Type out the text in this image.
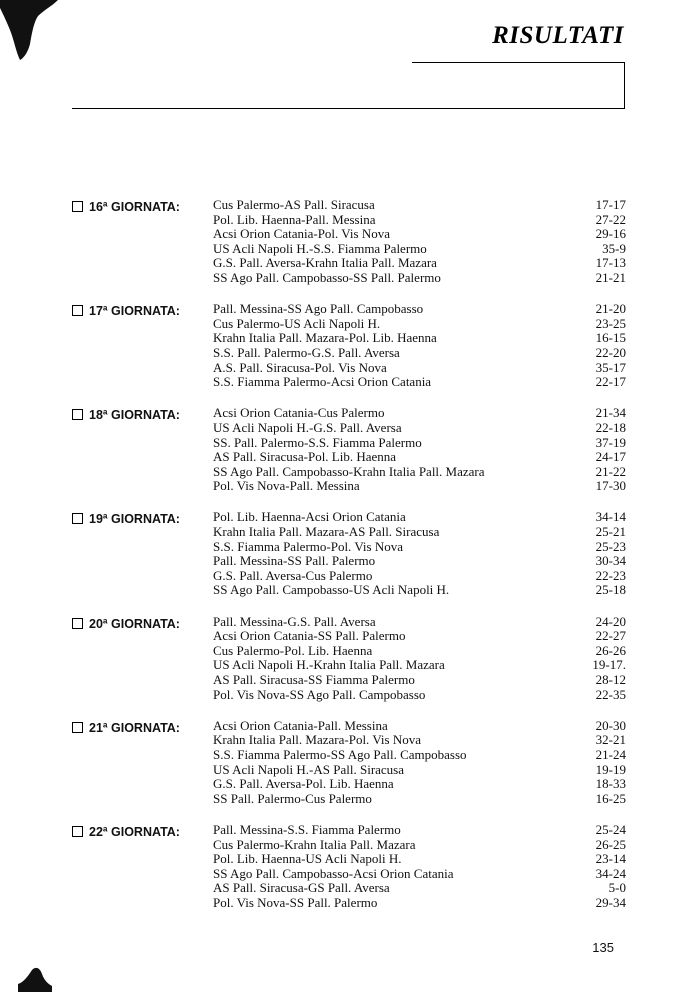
RISULTATI
16ª GIORNATA:	Cus Palermo-AS Pall. Siracusa	17-17
Pol. Lib. Haenna-Pall. Messina	27-22
Acsi Orion Catania-Pol. Vis Nova	29-16
US Acli Napoli H.-S.S. Fiamma Palermo	35-9
G.S. Pall. Aversa-Krahn Italia Pall. Mazara	17-13
SS Ago Pall. Campobasso-SS Pall. Palermo	21-21
17ª GIORNATA:	Pall. Messina-SS Ago Pall. Campobasso	21-20
Cus Palermo-US Acli Napoli H.	23-25
Krahn Italia Pall. Mazara-Pol. Lib. Haenna	16-15
S.S. Pall. Palermo-G.S. Pall. Aversa	22-20
A.S. Pall. Siracusa-Pol. Vis Nova	35-17
S.S. Fiamma Palermo-Acsi Orion Catania	22-17
18ª GIORNATA:	Acsi Orion Catania-Cus Palermo	21-34
US Acli Napoli H.-G.S. Pall. Aversa	22-18
SS. Pall. Palermo-S.S. Fiamma Palermo	37-19
AS Pall. Siracusa-Pol. Lib. Haenna	24-17
SS Ago Pall. Campobasso-Krahn Italia Pall. Mazara	21-22
Pol. Vis Nova-Pall. Messina	17-30
19ª GIORNATA:	Pol. Lib. Haenna-Acsi Orion Catania	34-14
Krahn Italia Pall. Mazara-AS Pall. Siracusa	25-21
S.S. Fiamma Palermo-Pol. Vis Nova	25-23
Pall. Messina-SS Pall. Palermo	30-34
G.S. Pall. Aversa-Cus Palermo	22-23
SS Ago Pall. Campobasso-US Acli Napoli H.	25-18
20ª GIORNATA:	Pall. Messina-G.S. Pall. Aversa	24-20
Acsi Orion Catania-SS Pall. Palermo	22-27
Cus Palermo-Pol. Lib. Haenna	26-26
US Acli Napoli H.-Krahn Italia Pall. Mazara	19-17.
AS Pall. Siracusa-SS Fiamma Palermo	28-12
Pol. Vis Nova-SS Ago Pall. Campobasso	22-35
21ª GIORNATA:	Acsi Orion Catania-Pall. Messina	20-30
Krahn Italia Pall. Mazara-Pol. Vis Nova	32-21
S.S. Fiamma Palermo-SS Ago Pall. Campobasso	21-24
US Acli Napoli H.-AS Pall. Siracusa	19-19
G.S. Pall. Aversa-Pol. Lib. Haenna	18-33
SS Pall. Palermo-Cus Palermo	16-25
22ª GIORNATA:	Pall. Messina-S.S. Fiamma Palermo	25-24
Cus Palermo-Krahn Italia Pall. Mazara	26-25
Pol. Lib. Haenna-US Acli Napoli H.	23-14
SS Ago Pall. Campobasso-Acsi Orion Catania	34-24
AS Pall. Siracusa-GS Pall. Aversa	5-0
Pol. Vis Nova-SS Pall. Palermo	29-34
135
